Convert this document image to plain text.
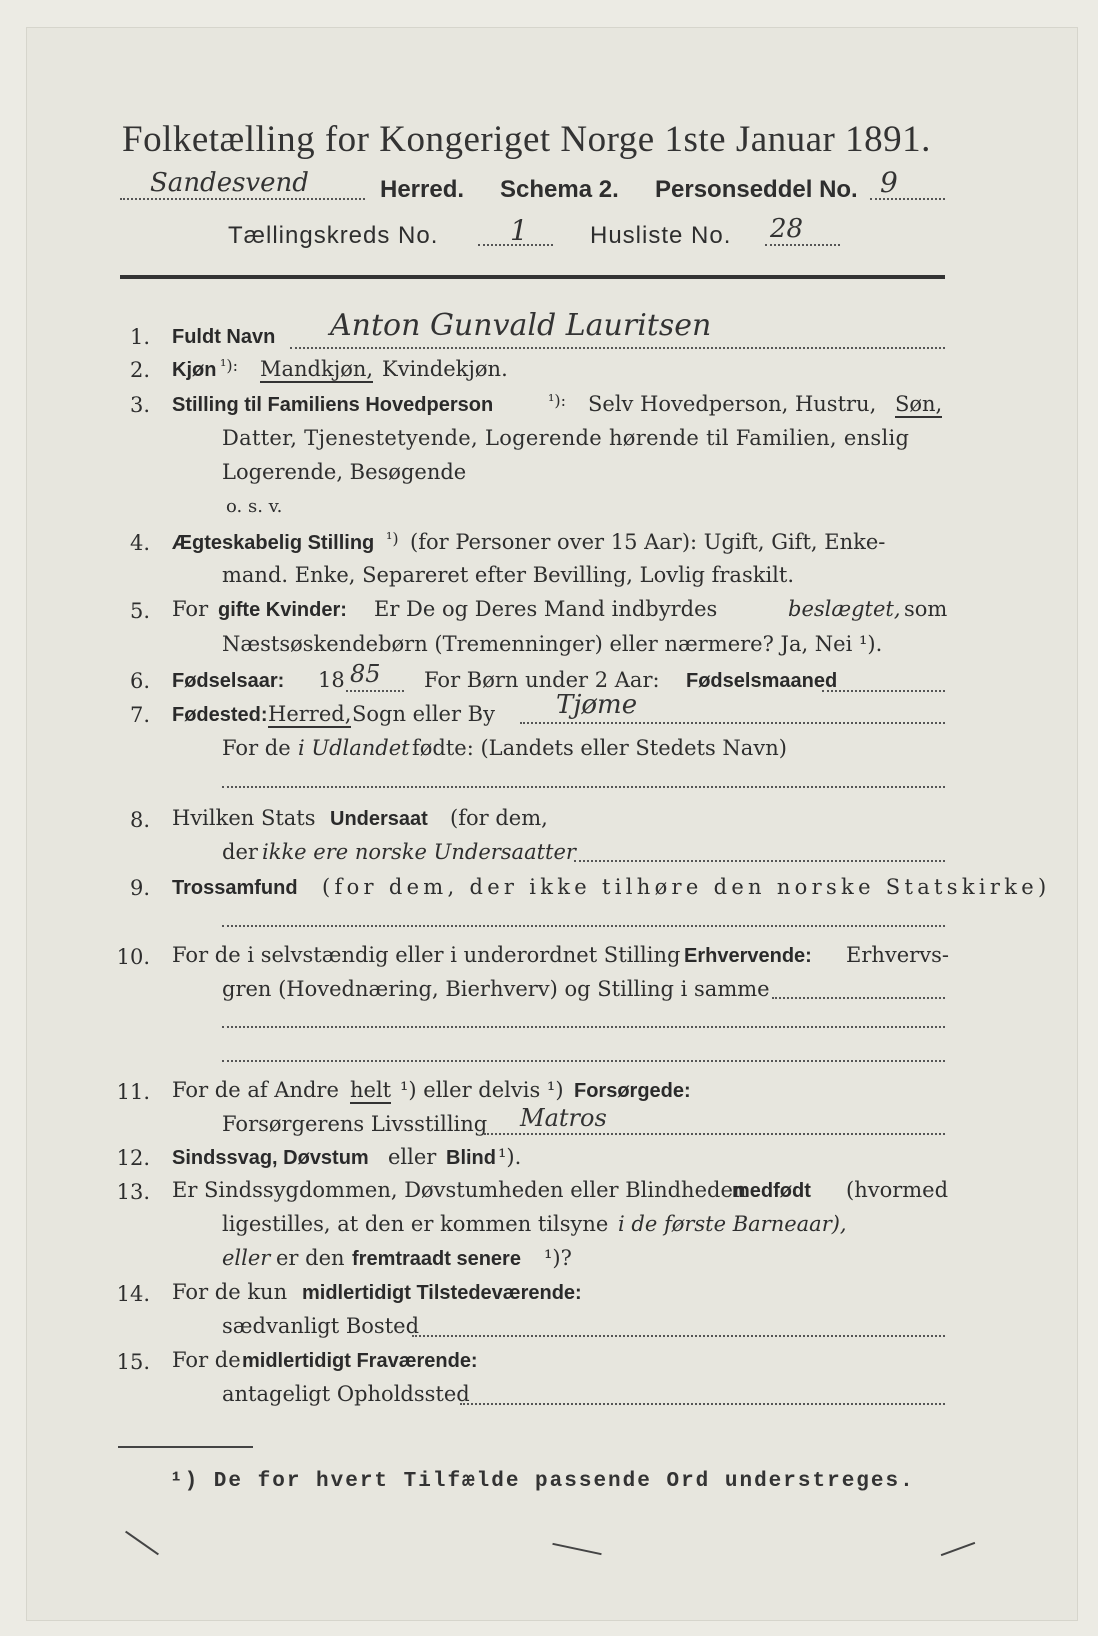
Folketælling for Kongeriget Norge 1ste Januar 1891.
Sandesvend	Herred. Schema 2. Personseddel No. 9
Tællingskreds No.	1	Husliste No. 28
1. Fuldt Navn Anton Gunvald Lauritsen
2. Kjøn ¹): Mandkjøn, Kvindekjøn.
3. Stilling til Familiens Hovedperson	¹): Selv Hovedperson, Hustru, Søn,
Datter, Tjenestetyende, Logerende hørende til Familien, enslig
Logerende, Besøgende
o. s. v.
4. Ægteskabelig Stilling ¹) (for Personer over 15 Aar): Ugift, Gift, Enke-
mand. Enke, Separeret efter Bevilling, Lovlig fraskilt.
5. For gifte Kvinder: Er De og Deres Mand indbyrdes	beslægtet, som
Næstsøskendebørn (Tremenninger) eller nærmere? Ja, Nei ¹).
6. Fødselsaar: 18 85 For Børn under 2 Aar: Fødselsmaaned
7. Fødested: Herred, Sogn eller By Tjøme
For de i Udlandet fødte: (Landets eller Stedets Navn)
8. Hvilken Stats Undersaat (for dem,
der ikke ere norske Undersaatter
9. Trossamfund (for dem, der ikke tilhøre den norske Statskirke)
10. For de i selvstændig eller i underordnet Stilling Erhvervende: Erhvervs-
gren (Hovednæring, Bierhverv) og Stilling i samme
11. For de af Andre helt ¹) eller delvis ¹) Forsørgede:
Forsørgerens Livsstilling Matros
12. Sindssvag, Døvstum eller Blind ¹).
13. Er Sindssygdommen, Døvstumheden eller Blindheden
medfødt (hvormed
ligestilles, at den er kommen tilsyne i de første Barneaar),
eller er den fremtraadt senere ¹)?
14. For de kun midlertidigt Tilstedeværende:
sædvanligt Bosted
15. For de midlertidigt Fraværende:
antageligt Opholdssted
¹) De for hvert Tilfælde passende Ord understreges.
